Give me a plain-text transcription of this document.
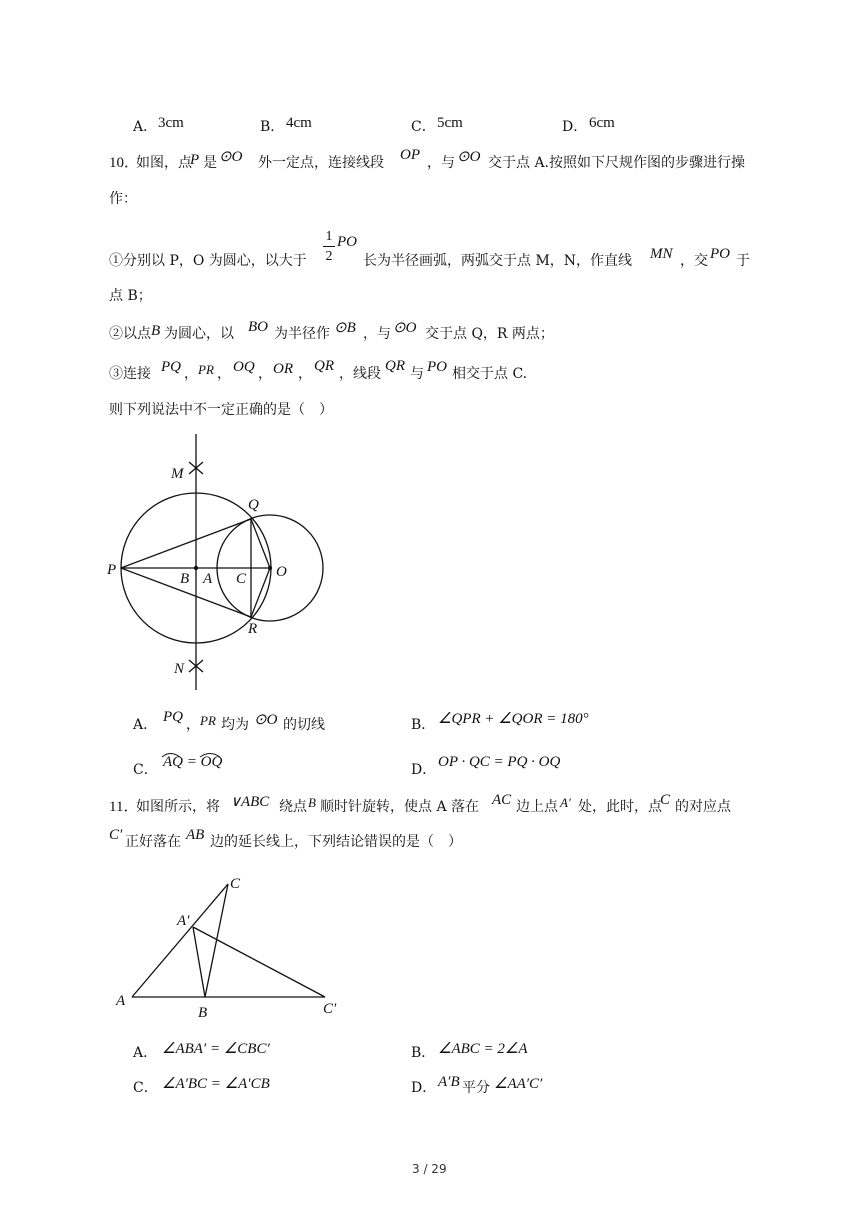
A． 3cm	B． 4cm	C． 5cm	D． 6cm
10．
如图，点
P 是 ⊙O 外一定点，连接线段 OP ，与 ⊙O 交于点 A.按照如下尺规作图的步骤进行操
作：
①分别以 P，O 为圆心，以大于
1
2
PO
长为半径画弧，两弧交于点 M，N，作直线 MN ，交 PO 于
点 B；
②以点 B 为圆心，以 BO 为半径作 ⊙B ，与 ⊙O 交于点 Q，R 两点；
③连接 PQ ， PR ， OQ ， OR ， QR ，线段 QR 与 PO 相交于点 C.
则下列说法中不一定正确的是（　）
M
N
Q
R
P
B A C O
A． PQ ， PR 均为 ⊙O 的切线	B． ∠QPR + ∠QOR = 180°
C． AQ = OQ	D． OP · QC = PQ · OQ
11．
如图所示，将 ∨ABC 绕点 B 顺时针旋转，使点 A 落在 AC 边上点 A′ 处，此时，点
C 的对应点
C′ 正好落在 AB 边的延长线上，下列结论错误的是（　）
C
A′
A
B	C′
A． ∠ABA′ = ∠CBC′	B． ∠ABC = 2∠A
C． ∠A′BC = ∠A′CB	D． A′B 平分 ∠AA′C′
3 / 29
